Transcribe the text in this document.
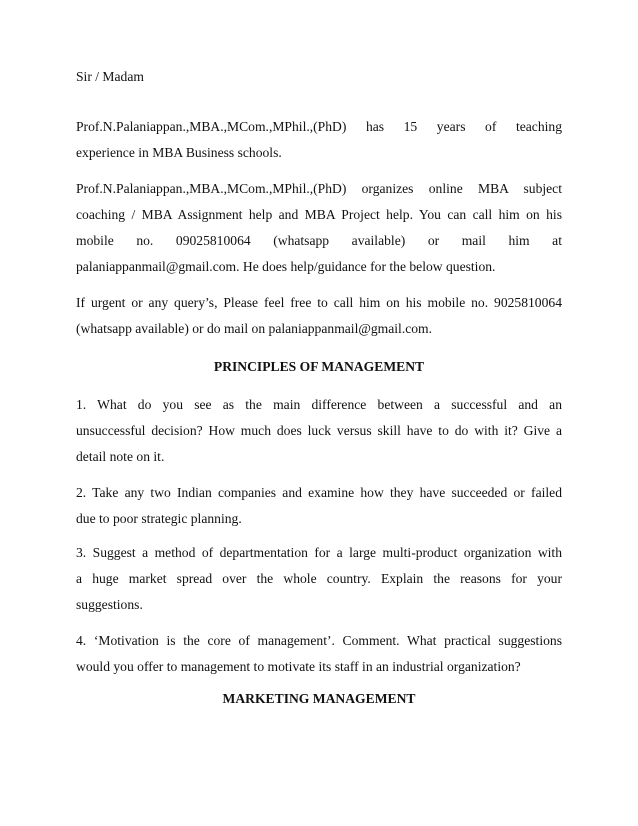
Sir / Madam

Prof.N.Palaniappan.,MBA.,MCom.,MPhil.,(PhD) has 15 years of teaching
experience in MBA Business schools.
Prof.N.Palaniappan.,MBA.,MCom.,MPhil.,(PhD) organizes online MBA subject
coaching / MBA Assignment help and MBA Project help. You can call him on his
mobile no. 09025810064 (whatsapp available) or mail him at
palaniappanmail@gmail.com. He does help/guidance for the below question.
If urgent or any query’s, Please feel free to call him on his mobile no. 9025810064
(whatsapp available) or do mail on palaniappanmail@gmail.com.
PRINCIPLES OF MANAGEMENT
1. What do you see as the main difference between a successful and an
unsuccessful decision? How much does luck versus skill have to do with it? Give a
detail note on it.
2. Take any two Indian companies and examine how they have succeeded or failed
due to poor strategic planning.
3. Suggest a method of departmentation for a large multi-product organization with
a huge market spread over the whole country. Explain the reasons for your
suggestions.
4. ‘Motivation is the core of management’. Comment. What practical suggestions
would you offer to management to motivate its staff in an industrial organization?
MARKETING MANAGEMENT
